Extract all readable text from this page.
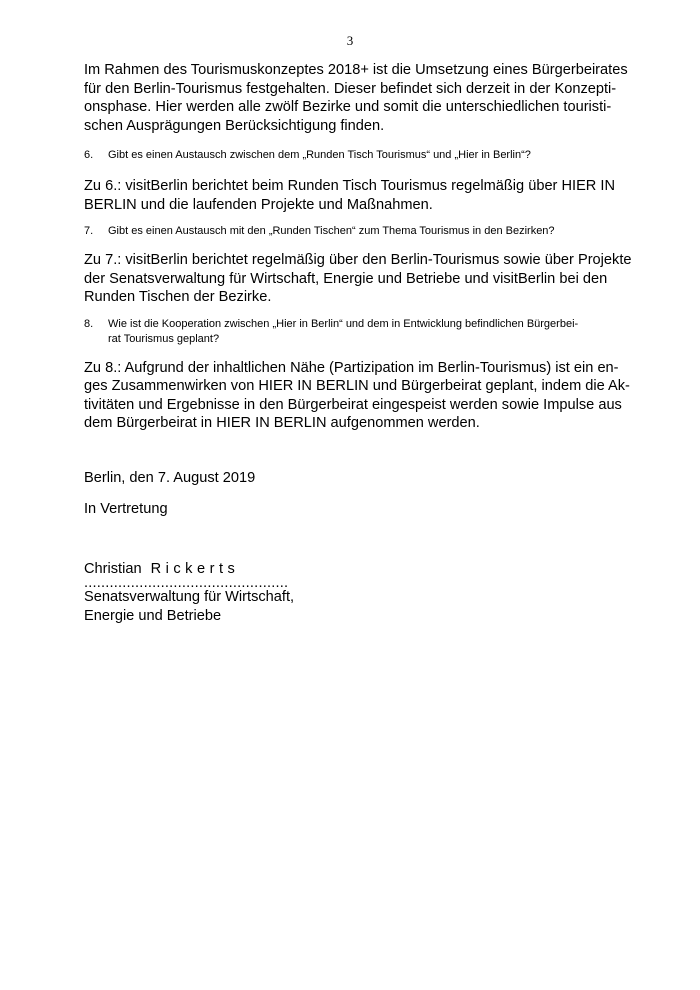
3

Im Rahmen des Tourismuskonzeptes 2018+ ist die Umsetzung eines Bürgerbeirates
für den Berlin-Tourismus festgehalten. Dieser befindet sich derzeit in der Konzepti-
onsphase. Hier werden alle zwölf Bezirke und somit die unterschiedlichen touristi-
schen Ausprägungen Berücksichtigung finden.

6.	Gibt es einen Austausch zwischen dem „Runden Tisch Tourismus“ und „Hier in Berlin“?

Zu 6.: visitBerlin berichtet beim Runden Tisch Tourismus regelmäßig über HIER IN
BERLIN und die laufenden Projekte und Maßnahmen.

7.	Gibt es einen Austausch mit den „Runden Tischen“ zum Thema Tourismus in den Bezirken?

Zu 7.: visitBerlin berichtet regelmäßig über den Berlin-Tourismus sowie über Projekte
der Senatsverwaltung für Wirtschaft, Energie und Betriebe und visitBerlin bei den
Runden Tischen der Bezirke.

8.	Wie ist die Kooperation zwischen „Hier in Berlin“ und dem in Entwicklung befindlichen Bürgerbei-
rat Tourismus geplant?

Zu 8.: Aufgrund der inhaltlichen Nähe (Partizipation im Berlin-Tourismus) ist ein en-
ges Zusammenwirken von HIER IN BERLIN und Bürgerbeirat geplant, indem die Ak-
tivitäten und Ergebnisse in den Bürgerbeirat eingespeist werden sowie Impulse aus
dem Bürgerbeirat in HIER IN BERLIN aufgenommen werden.

Berlin, den 7. August 2019

In Vertretung

Christian Rickerts

................................................

Senatsverwaltung für Wirtschaft,

Energie und Betriebe
